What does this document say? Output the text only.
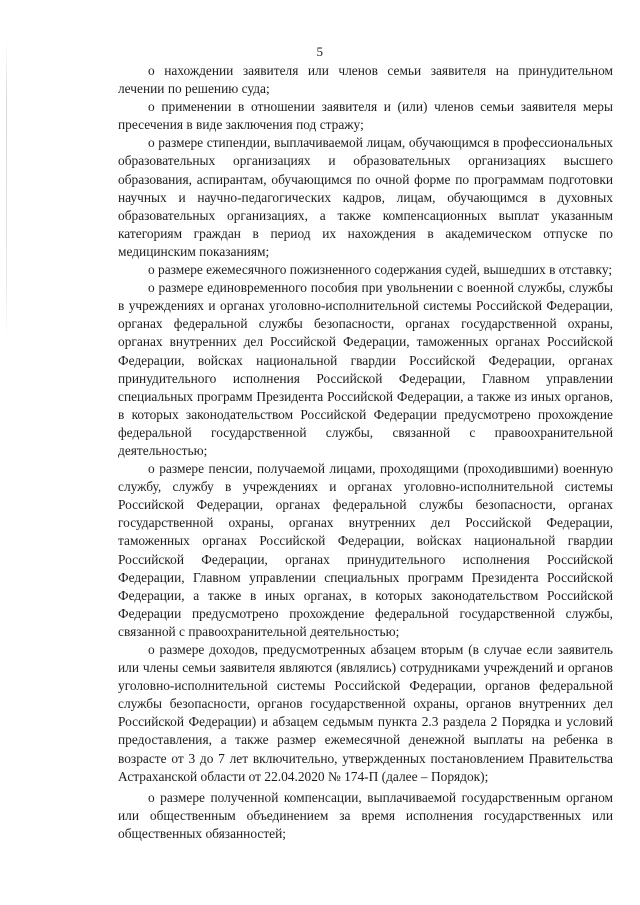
5

о нахождении заявителя или членов семьи заявителя на принудительном лечении по решению суда;

о применении в отношении заявителя и (или) членов семьи заявителя меры пресечения в виде заключения под стражу;

о размере стипендии, выплачиваемой лицам, обучающимся в профессиональных образовательных организациях и образовательных организациях высшего образования, аспирантам, обучающимся по очной форме по программам подготовки научных и научно-педагогических кадров, лицам, обучающимся в духовных образовательных организациях, а также компенсационных выплат указанным категориям граждан в период их нахождения в академическом отпуске по медицинским показаниям;

о размере ежемесячного пожизненного содержания судей, вышедших в отставку;

о размере единовременного пособия при увольнении с военной службы, службы в учреждениях и органах уголовно-исполнительной системы Российской Федерации, органах федеральной службы безопасности, органах государственной охраны, органах внутренних дел Российской Федерации, таможенных органах Российской Федерации, войсках национальной гвардии Российской Федерации, органах принудительного исполнения Российской Федерации, Главном управлении специальных программ Президента Российской Федерации, а также из иных органов, в которых законодательством Российской Федерации предусмотрено прохождение федеральной государственной службы, связанной с правоохранительной деятельностью;

о размере пенсии, получаемой лицами, проходящими (проходившими) военную службу, службу в учреждениях и органах уголовно-исполнительной системы Российской Федерации, органах федеральной службы безопасности, органах государственной охраны, органах внутренних дел Российской Федерации, таможенных органах Российской Федерации, войсках национальной гвардии Российской Федерации, органах принудительного исполнения Российской Федерации, Главном управлении специальных программ Президента Российской Федерации, а также в иных органах, в которых законодательством Российской Федерации предусмотрено прохождение федеральной государственной службы, связанной с правоохранительной деятельностью;

о размере доходов, предусмотренных абзацем вторым (в случае если заявитель или члены семьи заявителя являются (являлись) сотрудниками учреждений и органов уголовно-исполнительной системы Российской Федерации, органов федеральной службы безопасности, органов государственной охраны, органов внутренних дел Российской Федерации) и абзацем седьмым пункта 2.3 раздела 2 Порядка и условий предоставления, а также размер ежемесячной денежной выплаты на ребенка в возрасте от 3 до 7 лет включительно, утвержденных постановлением Правительства Астраханской области от 22.04.2020 № 174-П (далее – Порядок);

о размере полученной компенсации, выплачиваемой государственным органом или общественным объединением за время исполнения государственных или общественных обязанностей;
